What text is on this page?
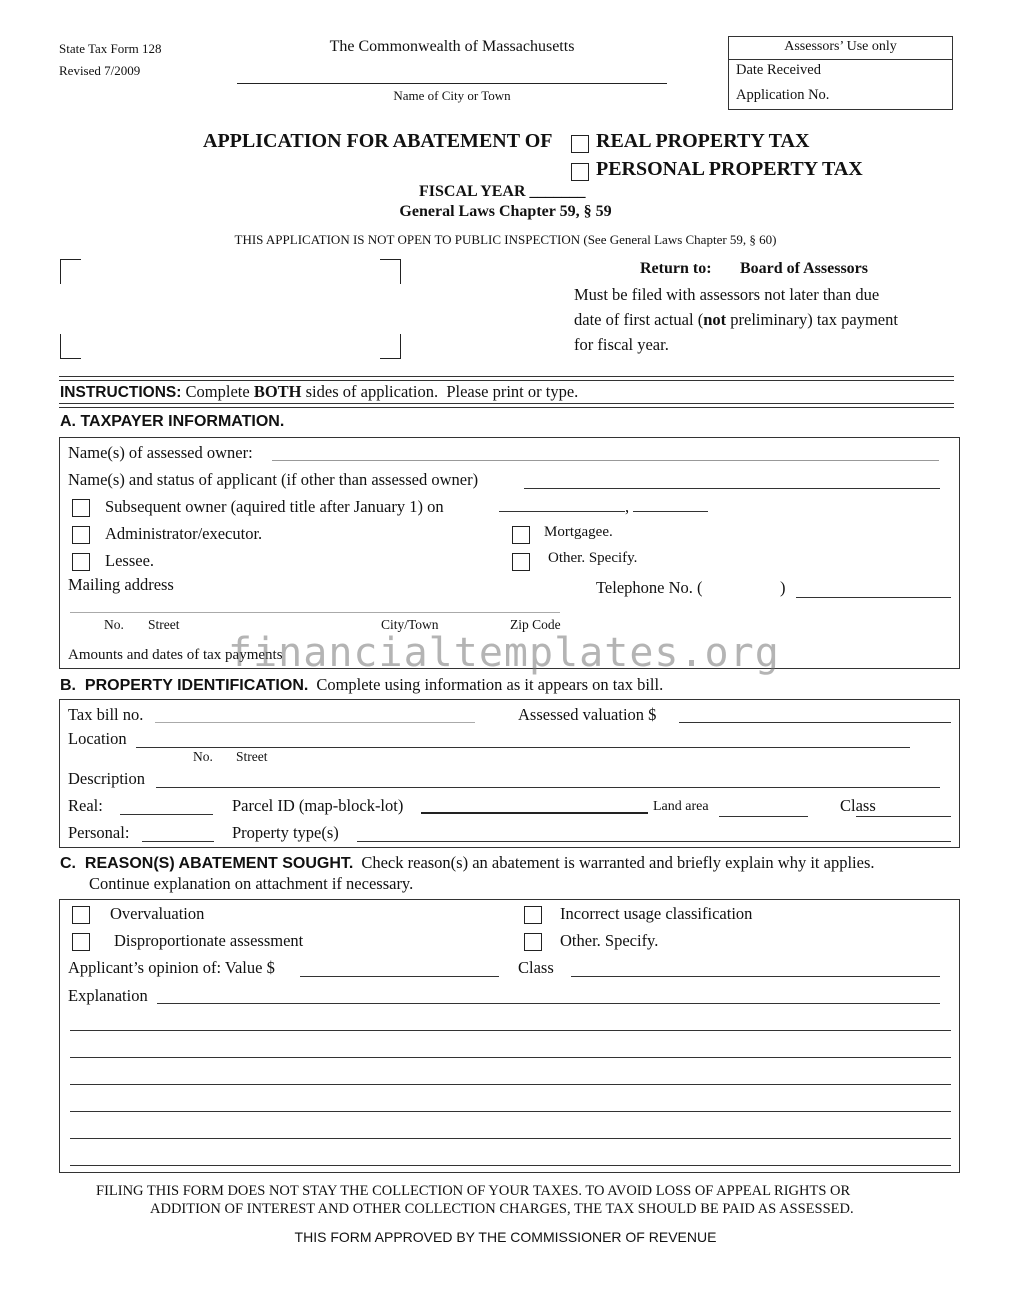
State Tax Form 128
Revised 7/2009
The Commonwealth of Massachusetts
Name of City or Town
Assessors’ Use only
Date Received
Application No.
APPLICATION FOR ABATEMENT OF REAL PROPERTY TAX
PERSONAL PROPERTY TAX
FISCAL YEAR _______
General Laws Chapter 59, § 59
THIS APPLICATION IS NOT OPEN TO PUBLIC INSPECTION (See General Laws Chapter 59, § 60)
Return to: Board of Assessors
Must be filed with assessors not later than due
date of first actual (not preliminary) tax payment
for fiscal year.
INSTRUCTIONS: Complete BOTH sides of application.  Please print or type.
A. TAXPAYER INFORMATION.
Name(s) of assessed owner:
Name(s) and status of applicant (if other than assessed owner)
Subsequent owner (aquired title after January 1) on	,
Administrator/executor.	Mortgagee.
Lessee.	Other. Specify.
Mailing address	Telephone No. (	)
No. Street	City/Town	Zip Code
Amounts and dates of tax payments
financialtemplates.org
B.  PROPERTY IDENTIFICATION. Complete using information as it appears on tax bill.
Tax bill no.	Assessed valuation $
Location
No. Street
Description
Real:	Parcel ID (map-block-lot)	Land area	Class
Personal:	Property type(s)
C.  REASON(S) ABATEMENT SOUGHT. Check reason(s) an abatement is warranted and briefly explain why it applies.
Continue explanation on attachment if necessary.
Overvaluation	Incorrect usage classification
Disproportionate assessment	Other. Specify.
Applicant’s opinion of: Value $	Class
Explanation
FILING THIS FORM DOES NOT STAY THE COLLECTION OF YOUR TAXES. TO AVOID LOSS OF APPEAL RIGHTS OR
ADDITION OF INTEREST AND OTHER COLLECTION CHARGES, THE TAX SHOULD BE PAID AS ASSESSED.
THIS FORM APPROVED BY THE COMMISSIONER OF REVENUE
